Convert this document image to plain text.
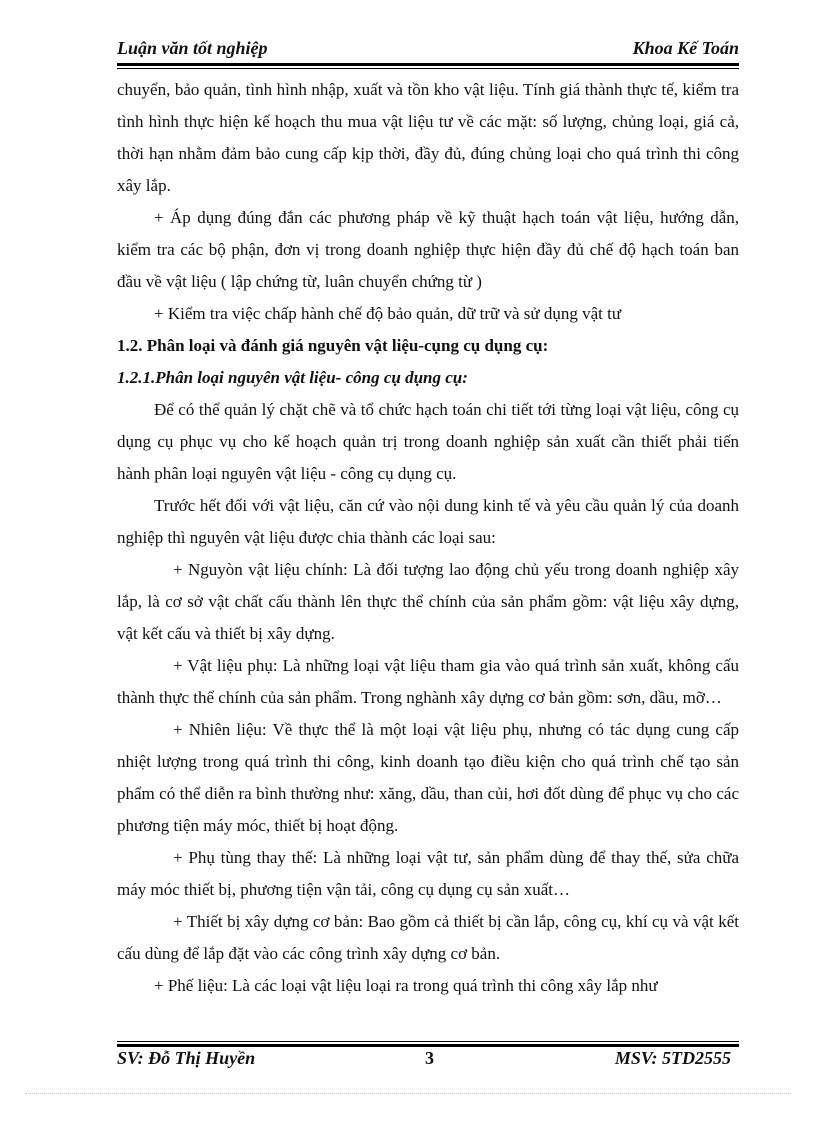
Luận văn tốt nghiệp	Khoa Kế Toán

chuyển, bảo quản, tình hình nhập, xuất và tồn kho vật liệu. Tính giá thành thực tế, kiểm tra tình hình thực hiện kế hoạch thu mua vật liệu tư về các mặt: số lượng, chủng loại, giá cả, thời hạn nhằm đảm bảo cung cấp kịp thời, đầy đủ, đúng chủng loại cho quá trình thi công xây lắp.

+ Áp dụng đúng đắn các phương pháp về kỹ thuật hạch toán vật liệu, hướng dẫn, kiểm tra các bộ phận, đơn vị trong doanh nghiệp thực hiện đầy đủ chế độ hạch toán ban đầu về vật liệu ( lập chứng từ, luân chuyển chứng từ )

+ Kiểm tra việc chấp hành chế độ bảo quản, dữ trữ và sử dụng vật tư

1.2. Phân loại và đánh giá nguyên vật liệu-cụng cụ dụng cụ:

1.2.1.Phân loại nguyên vật liệu- công cụ dụng cụ:

Để có thể quản lý chặt chẽ và tổ chức hạch toán chi tiết tới từng loại vật liệu, công cụ dụng cụ phục vụ cho kế hoạch quản trị trong doanh nghiệp sản xuất cần thiết phải tiến hành phân loại nguyên vật liệu - công cụ dụng cụ.

Trước hết đối với vật liệu, căn cứ vào nội dung kinh tế và yêu cầu quản lý của doanh nghiệp thì nguyên vật liệu được chia thành các loại sau:

+ Nguyòn vật liệu chính: Là đối tượng lao động chủ yếu trong doanh nghiệp xây lắp, là cơ sở vật chất cấu thành lên thực thể chính của sản phẩm gồm: vật liệu xây dựng, vật kết cấu và thiết bị xây dựng.

+ Vật liệu phụ: Là những loại vật liệu tham gia vào quá trình sản xuất, không cấu thành thực thể chính của sản phẩm. Trong nghành xây dựng cơ bản gồm: sơn, dầu, mỡ…

+ Nhiên liệu: Về thực thể là một loại vật liệu phụ, nhưng có tác dụng cung cấp nhiệt lượng trong quá trình thi công, kinh doanh tạo điều kiện cho quá trình chế tạo sản phẩm có thể diễn ra bình thường như: xăng, dầu, than củi, hơi đốt dùng để phục vụ cho các phương tiện máy móc, thiết bị hoạt động.

+ Phụ tùng thay thế: Là những loại vật tư, sản phẩm dùng để thay thế, sửa chữa máy móc thiết bị, phương tiện vận tải, công cụ dụng cụ sản xuất…

+ Thiết bị xây dựng cơ bản: Bao gồm cả thiết bị cần lắp, công cụ, khí cụ và vật kết cấu dùng để lắp đặt vào các công trình xây dựng cơ bản.

+ Phế liệu: Là các loại vật liệu loại ra trong quá trình thi công xây lắp như

SV: Đỗ Thị Huyền	3	MSV: 5TD2555
